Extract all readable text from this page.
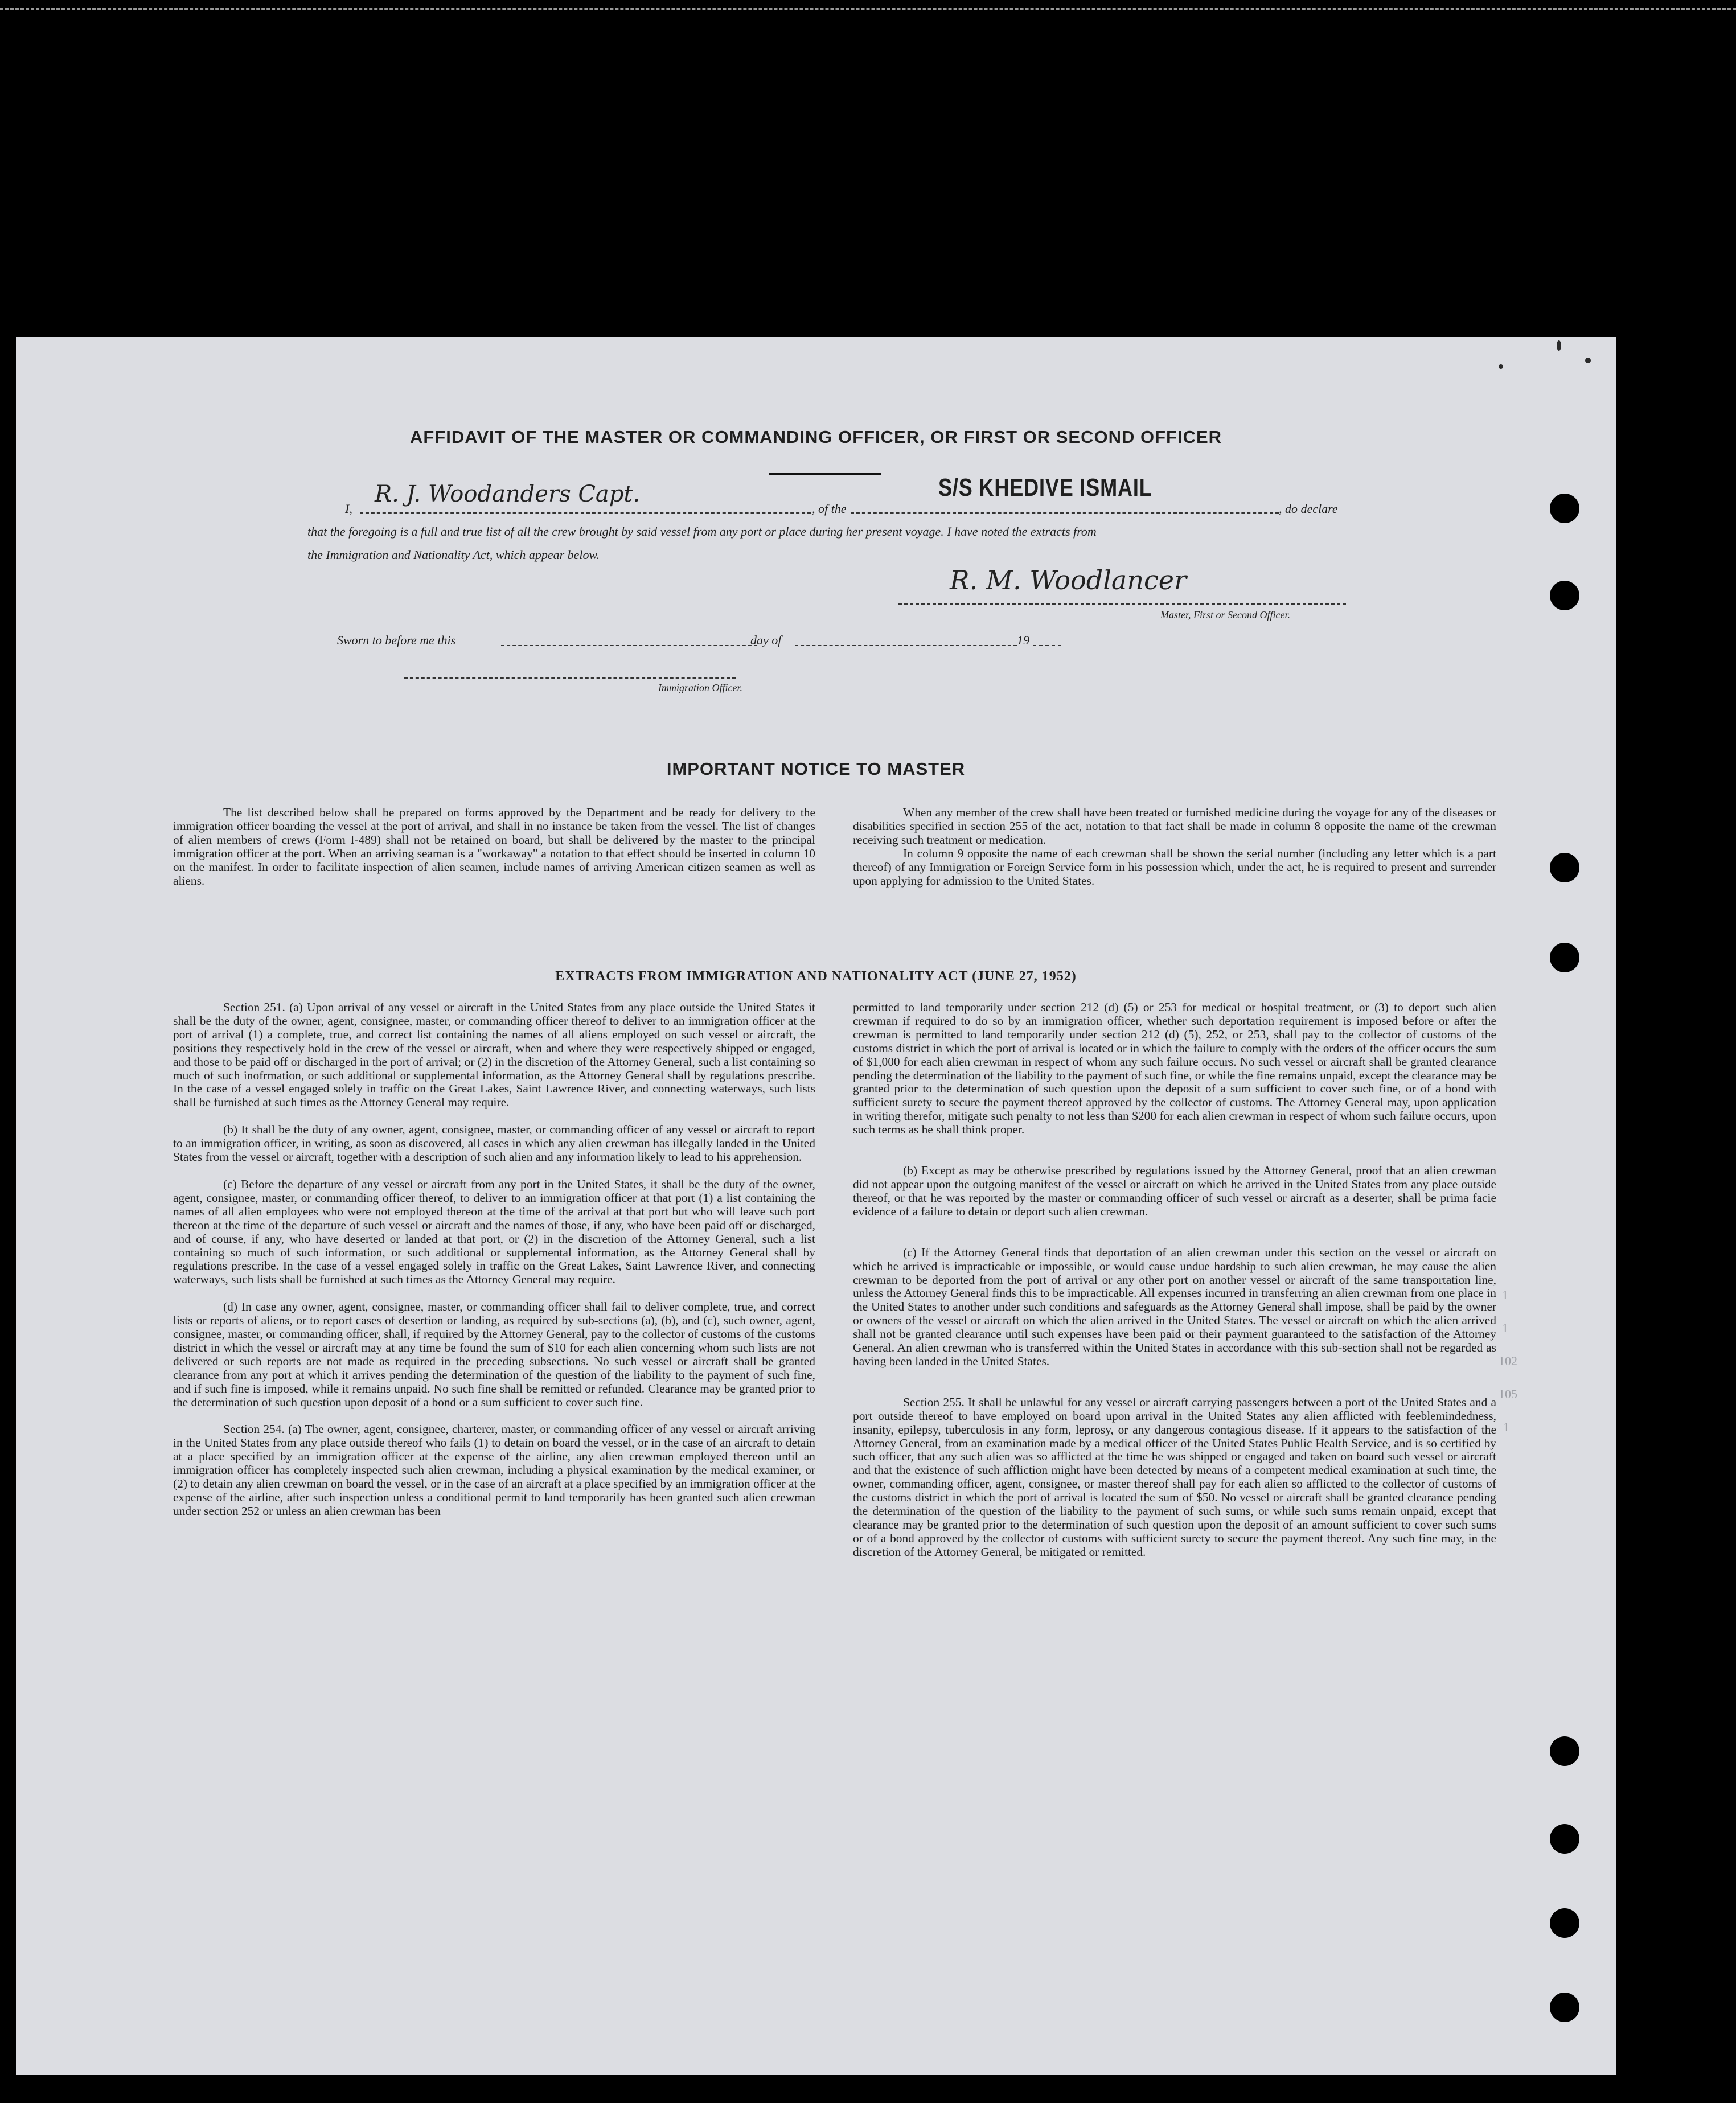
AFFIDAVIT OF THE MASTER OR COMMANDING OFFICER, OR FIRST OR SECOND OFFICER
I,
R. J. Woodanders Capt.
, of the
S/S KHEDIVE ISMAIL
, do declare
that the foregoing is a full and true list of all the crew brought by said vessel from any port or place during her present voyage. I have noted the extracts from
the Immigration and Nationality Act, which appear below.
R. M. Woodlancer
Master, First or Second Officer.
Sworn to before me this	day of	19
Immigration Officer.
IMPORTANT NOTICE TO MASTER

The list described below shall be prepared on forms approved by the Department and be ready for delivery to the immigration officer boarding the vessel at the port of arrival, and shall in no instance be taken from the vessel. The list of changes of alien members of crews (Form I-489) shall not be retained on board, but shall be delivered by the master to the principal immigration officer at the port. When an arriving seaman is a "workaway" a notation to that effect should be inserted in column 10 on the manifest. In order to facilitate inspection of alien seamen, include names of arriving American citizen seamen as well as aliens.

When any member of the crew shall have been treated or furnished medicine during the voyage for any of the diseases or disabilities specified in section 255 of the act, notation to that fact shall be made in column 8 opposite the name of the crewman receiving such treatment or medication.

In column 9 opposite the name of each crewman shall be shown the serial number (including any letter which is a part thereof) of any Immigration or Foreign Service form in his possession which, under the act, he is required to present and surrender upon applying for admission to the United States.

EXTRACTS FROM IMMIGRATION AND NATIONALITY ACT (JUNE 27, 1952)

Section 251. (a) Upon arrival of any vessel or aircraft in the United States from any place outside the United States it shall be the duty of the owner, agent, consignee, master, or commanding officer thereof to deliver to an immigration officer at the port of arrival (1) a complete, true, and correct list containing the names of all aliens employed on such vessel or aircraft, the positions they respectively hold in the crew of the vessel or aircraft, when and where they were respectively shipped or engaged, and those to be paid off or discharged in the port of arrival; or (2) in the discretion of the Attorney General, such a list containing so much of such inofrmation, or such additional or supplemental information, as the Attorney General shall by regulations prescribe. In the case of a vessel engaged solely in traffic on the Great Lakes, Saint Lawrence River, and connecting waterways, such lists shall be furnished at such times as the Attorney General may require.

(b) It shall be the duty of any owner, agent, consignee, master, or commanding officer of any vessel or aircraft to report to an immigration officer, in writing, as soon as discovered, all cases in which any alien crewman has illegally landed in the United States from the vessel or aircraft, together with a description of such alien and any information likely to lead to his apprehension.

(c) Before the departure of any vessel or aircraft from any port in the United States, it shall be the duty of the owner, agent, consignee, master, or commanding officer thereof, to deliver to an immigration officer at that port (1) a list containing the names of all alien employees who were not employed thereon at the time of the arrival at that port but who will leave such port thereon at the time of the departure of such vessel or aircraft and the names of those, if any, who have been paid off or discharged, and of course, if any, who have deserted or landed at that port, or (2) in the discretion of the Attorney General, such a list containing so much of such information, or such additional or supplemental information, as the Attorney General shall by regulations prescribe. In the case of a vessel engaged solely in traffic on the Great Lakes, Saint Lawrence River, and connecting waterways, such lists shall be furnished at such times as the Attorney General may require.

(d) In case any owner, agent, consignee, master, or commanding officer shall fail to deliver complete, true, and correct lists or reports of aliens, or to report cases of desertion or landing, as required by sub-sections (a), (b), and (c), such owner, agent, consignee, master, or commanding officer, shall, if required by the Attorney General, pay to the collector of customs of the customs district in which the vessel or aircraft may at any time be found the sum of $10 for each alien concerning whom such lists are not delivered or such reports are not made as required in the preceding subsections. No such vessel or aircraft shall be granted clearance from any port at which it arrives pending the determination of the question of the liability to the payment of such fine, and if such fine is imposed, while it remains unpaid. No such fine shall be remitted or refunded. Clearance may be granted prior to the determination of such question upon deposit of a bond or a sum sufficient to cover such fine.

Section 254. (a) The owner, agent, consignee, charterer, master, or commanding officer of any vessel or aircraft arriving in the United States from any place outside thereof who fails (1) to detain on board the vessel, or in the case of an aircraft to detain at a place specified by an immigration officer at the expense of the airline, any alien crewman employed thereon until an immigration officer has completely inspected such alien crewman, including a physical examination by the medical examiner, or (2) to detain any alien crewman on board the vessel, or in the case of an aircraft at a place specified by an immigration officer at the expense of the airline, after such inspection unless a conditional permit to land temporarily has been granted such alien crewman under section 252 or unless an alien crewman has been

permitted to land temporarily under section 212 (d) (5) or 253 for medical or hospital treatment, or (3) to deport such alien crewman if required to do so by an immigration officer, whether such deportation requirement is imposed before or after the crewman is permitted to land temporarily under section 212 (d) (5), 252, or 253, shall pay to the collector of customs of the customs district in which the port of arrival is located or in which the failure to comply with the orders of the officer occurs the sum of $1,000 for each alien crewman in respect of whom any such failure occurs. No such vessel or aircraft shall be granted clearance pending the determination of the liability to the payment of such fine, or while the fine remains unpaid, except the clearance may be granted prior to the determination of such question upon the deposit of a sum sufficient to cover such fine, or of a bond with sufficient surety to secure the payment thereof approved by the collector of customs. The Attorney General may, upon application in writing therefor, mitigate such penalty to not less than $200 for each alien crewman in respect of whom such failure occurs, upon such terms as he shall think proper.

(b) Except as may be otherwise prescribed by regulations issued by the Attorney General, proof that an alien crewman did not appear upon the outgoing manifest of the vessel or aircraft on which he arrived in the United States from any place outside thereof, or that he was reported by the master or commanding officer of such vessel or aircraft as a deserter, shall be prima facie evidence of a failure to detain or deport such alien crewman.

(c) If the Attorney General finds that deportation of an alien crewman under this section on the vessel or aircraft on which he arrived is impracticable or impossible, or would cause undue hardship to such alien crewman, he may cause the alien crewman to be deported from the port of arrival or any other port on another vessel or aircraft of the same transportation line, unless the Attorney General finds this to be impracticable. All expenses incurred in transferring an alien crewman from one place in the United States to another under such conditions and safeguards as the Attorney General shall impose, shall be paid by the owner or owners of the vessel or aircraft on which the alien arrived in the United States. The vessel or aircraft on which the alien arrived shall not be granted clearance until such expenses have been paid or their payment guaranteed to the satisfaction of the Attorney General. An alien crewman who is transferred within the United States in accordance with this sub-section shall not be regarded as having been landed in the United States.

Section 255. It shall be unlawful for any vessel or aircraft carrying passengers between a port of the United States and a port outside thereof to have employed on board upon arrival in the United States any alien afflicted with feeblemindedness, insanity, epilepsy, tuberculosis in any form, leprosy, or any dangerous contagious disease. If it appears to the satisfaction of the Attorney General, from an examination made by a medical officer of the United States Public Health Service, and is so certified by such officer, that any such alien was so afflicted at the time he was shipped or engaged and taken on board such vessel or aircraft and that the existence of such affliction might have been detected by means of a competent medical examination at such time, the owner, commanding officer, agent, consignee, or master thereof shall pay for each alien so afflicted to the collector of customs of the customs district in which the port of arrival is located the sum of $50. No vessel or aircraft shall be granted clearance pending the determination of the question of the liability to the payment of such sums, or while such sums remain unpaid, except that clearance may be granted prior to the determination of such question upon the deposit of an amount sufficient to cover such sums or of a bond approved by the collector of customs with sufficient surety to secure the payment thereof. Any such fine may, in the discretion of the Attorney General, be mitigated or remitted.

1
1
102
105
1
